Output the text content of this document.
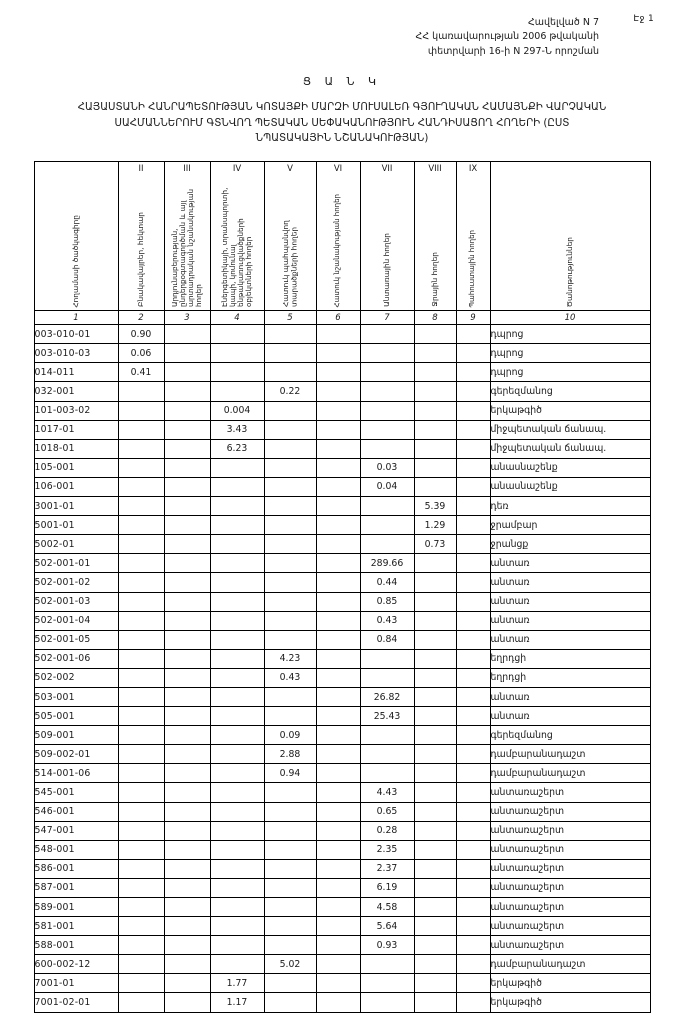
Էջ 1
Հավելված N 7
ՀՀ կառավարության 2006 թվականի
փետրվարի 16-ի N 297-Ն որոշման
Ց Ա Ն Կ
ՀԱՅԱՍՏԱՆԻ ՀԱՆՐԱՊԵՏՈՒԹՅԱՆ ԿՈՏԱՅՔԻ ՄԱՐԶԻ ՄՈՒՍԱԼԵՌ ԳՅՈՒՂԱԿԱՆ ՀԱՄԱՅՆՔԻ ՎԱՐՉԱԿԱՆ
ՍԱՀՄԱՆՆԵՐՈՒՄ ԳՏՆՎՈՂ ՊԵՏԱԿԱՆ ՍԵՓԱԿԱՆՈՒԹՅՈՒՆ ՀԱՆԴԻՍԱՑՈՂ ՀՈՂԵՐԻ (ԸՍՏ
ՆՊԱՏԱԿԱՅԻՆ ՆՇԱՆԱԿՈՒԹՅԱՆ)
	II	III	IV	V	VI	VII	VIII	IX	

Հողամասի ծածկագիրը	Բնակավայրեր, հեկտար	Արդյունաբերության, ընդերքօգտագործման և այլ արտադրական նշանակության հողեր	Էներգետիկայի, տրանսպորտի, կապի, կոմունալ ենթակառուցվածքների օբյեկտների հողեր	Հատուկ պահպանվող տարածքների հողեր	Հատուկ նշանակության հողեր	Անտառային հողեր	Ջրային հողեր	Պահուստային հողեր	Ծանոթություններ

1	2	3	4	5	6	7	8	9	10
003-010-01	0.90								դպրոց
003-010-03	0.06								դպրոց
014-011	0.41								դպրոց
032-001				0.22					գերեզմանոց
101-003-02			0.004						երկաթգիծ
1017-01			3.43						միջպետական ճանապ.
1018-01			6.23						միջպետական ճանապ.
105-001						0.03			անասնաշենք
106-001						0.04			անասնաշենք
3001-01							5.39		դեռ
5001-01							1.29		ջրամբար
5002-01							0.73		ջրանցք
502-001-01						289.66			անտառ
502-001-02						0.44			անտառ
502-001-03						0.85			անտառ
502-001-04						0.43			անտառ
502-001-05						0.84			անտառ
502-001-06				4.23					եղրդցի
502-002				0.43					եղրդցի
503-001						26.82			անտառ
505-001						25.43			անտառ
509-001				0.09					գերեզմանոց
509-002-01				2.88					դամբարանադաշտ
514-001-06				0.94					դամբարանադաշտ
545-001						4.43			անտառաշերտ
546-001						0.65			անտառաշերտ
547-001						0.28			անտառաշերտ
548-001						2.35			անտառաշերտ
586-001						2.37			անտառաշերտ
587-001						6.19			անտառաշերտ
589-001						4.58			անտառաշերտ
581-001						5.64			անտառաշերտ
588-001						0.93			անտառաշերտ
600-002-12				5.02					դամբարանադաշտ
7001-01			1.77						երկաթգիծ
7001-02-01			1.17						երկաթգիծ
